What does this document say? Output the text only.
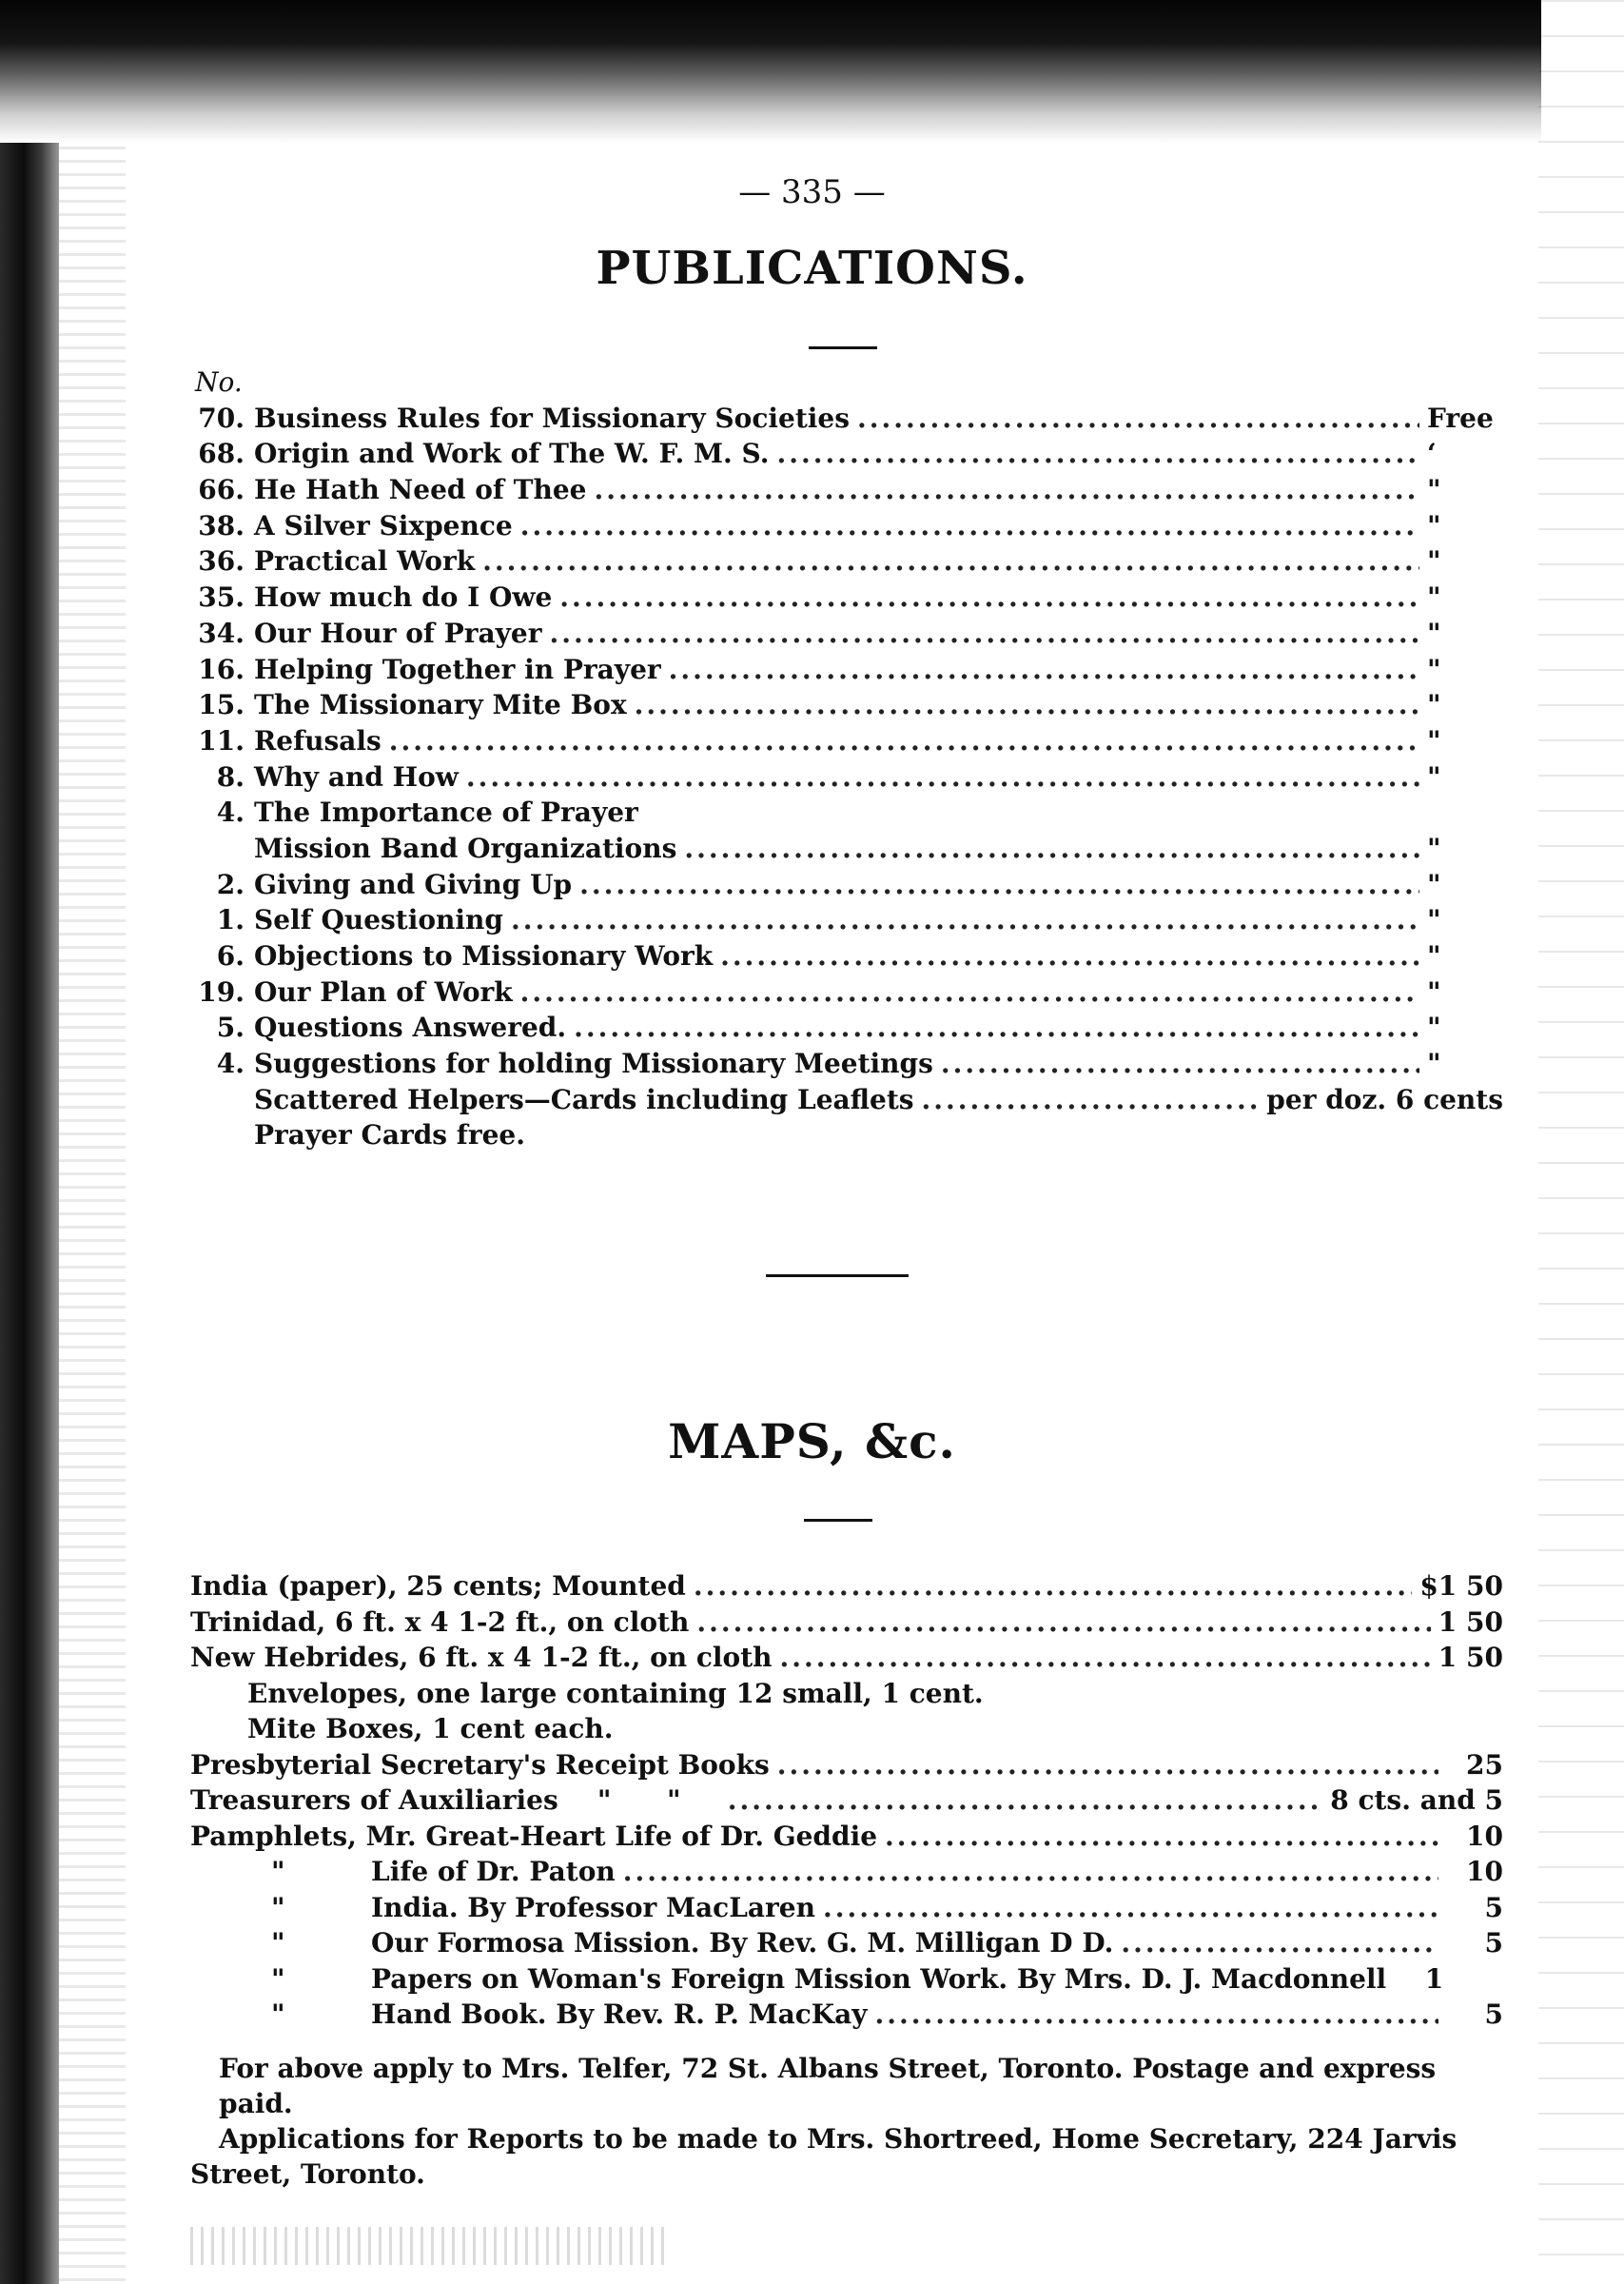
— 335 —
PUBLICATIONS.
No.
70. Business Rules for Missionary Societies .....	Free
68. Origin and Work of The W. F. M. S. .....	‘
66. He Hath Need of Thee .....	"
38. A Silver Sixpence .....	"
36. Practical Work .....	"
35. How much do I Owe .....	"
34. Our Hour of Prayer .....	"
16. Helping Together in Prayer .....	"
15. The Missionary Mite Box .....	"
11. Refusals .....	"
8. Why and How .....	"
4. The Importance of Prayer
Mission Band Organizations .....	"
2. Giving and Giving Up .....	"
1. Self Questioning .....	"
6. Objections to Missionary Work .....	"
19. Our Plan of Work .....	"
5. Questions Answered. .....	"
4. Suggestions for holding Missionary Meetings .....	"
Scattered Helpers—Cards including Leaflets .....	per doz. 6 cents
Prayer Cards free.
MAPS, &c.
India (paper), 25 cents; Mounted .....	$1 50
Trinidad, 6 ft. x 4 1-2 ft., on cloth .....	1 50
New Hebrides, 6 ft. x 4 1-2 ft., on cloth .....	1 50
Envelopes, one large containing 12 small, 1 cent.
Mite Boxes, 1 cent each.
Presbyterial Secretary's Receipt Books .....	25
Treasurers of Auxiliaries	"      " .....	8 cts. and 5
Pamphlets, Mr. Great-Heart Life of Dr. Geddie .....	10
"	Life of Dr. Paton .....	10
"	India. By Professor MacLaren .....	5
"	Our Formosa Mission. By Rev. G. M. Milligan D D. .....	5
"	Papers on Woman's Foreign Mission Work. By Mrs. D. J. Macdonnell	1
"	Hand Book. By Rev. R. P. MacKay .....	5
For above apply to Mrs. Telfer, 72 St. Albans Street, Toronto. Postage and express paid.
Applications for Reports to be made to Mrs. Shortreed, Home Secretary, 224 Jarvis
Street, Toronto.
